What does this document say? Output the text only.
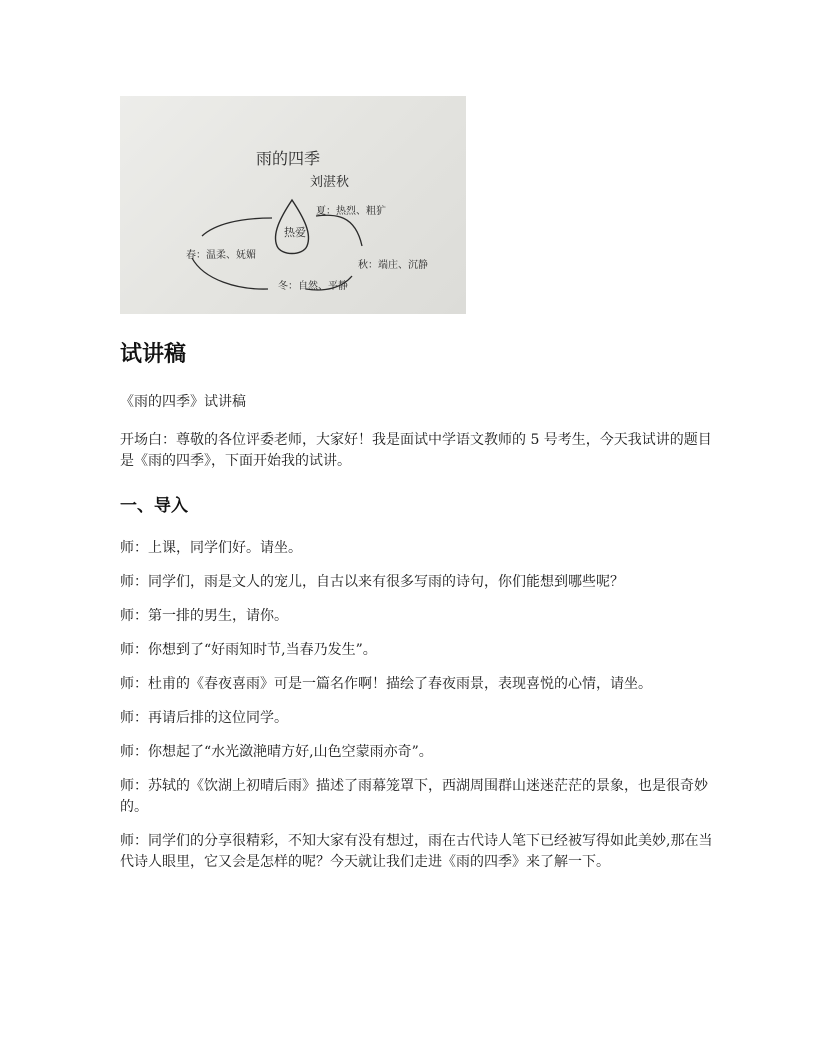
雨的四季
刘湛秋
热爱
夏：热烈、粗犷
秋：端庄、沉静
冬：自然、平静
春：温柔、妩媚
试讲稿

《雨的四季》试讲稿

开场白：尊敬的各位评委老师，大家好！我是面试中学语文教师的 5 号考生，今天我试讲的题目是《雨的四季》，下面开始我的试讲。

一、导入

师：上课，同学们好。请坐。

师：同学们，雨是文人的宠儿，自古以来有很多写雨的诗句，你们能想到哪些呢？

师：第一排的男生，请你。

师：你想到了“好雨知时节,当春乃发生”。

师：杜甫的《春夜喜雨》可是一篇名作啊！描绘了春夜雨景，表现喜悦的心情，请坐。

师：再请后排的这位同学。

师：你想起了“水光潋滟晴方好,山色空蒙雨亦奇”。

师：苏轼的《饮湖上初晴后雨》描述了雨幕笼罩下，西湖周围群山迷迷茫茫的景象，也是很奇妙的。

师：同学们的分享很精彩，不知大家有没有想过，雨在古代诗人笔下已经被写得如此美妙,那在当代诗人眼里，它又会是怎样的呢？今天就让我们走进《雨的四季》来了解一下。
